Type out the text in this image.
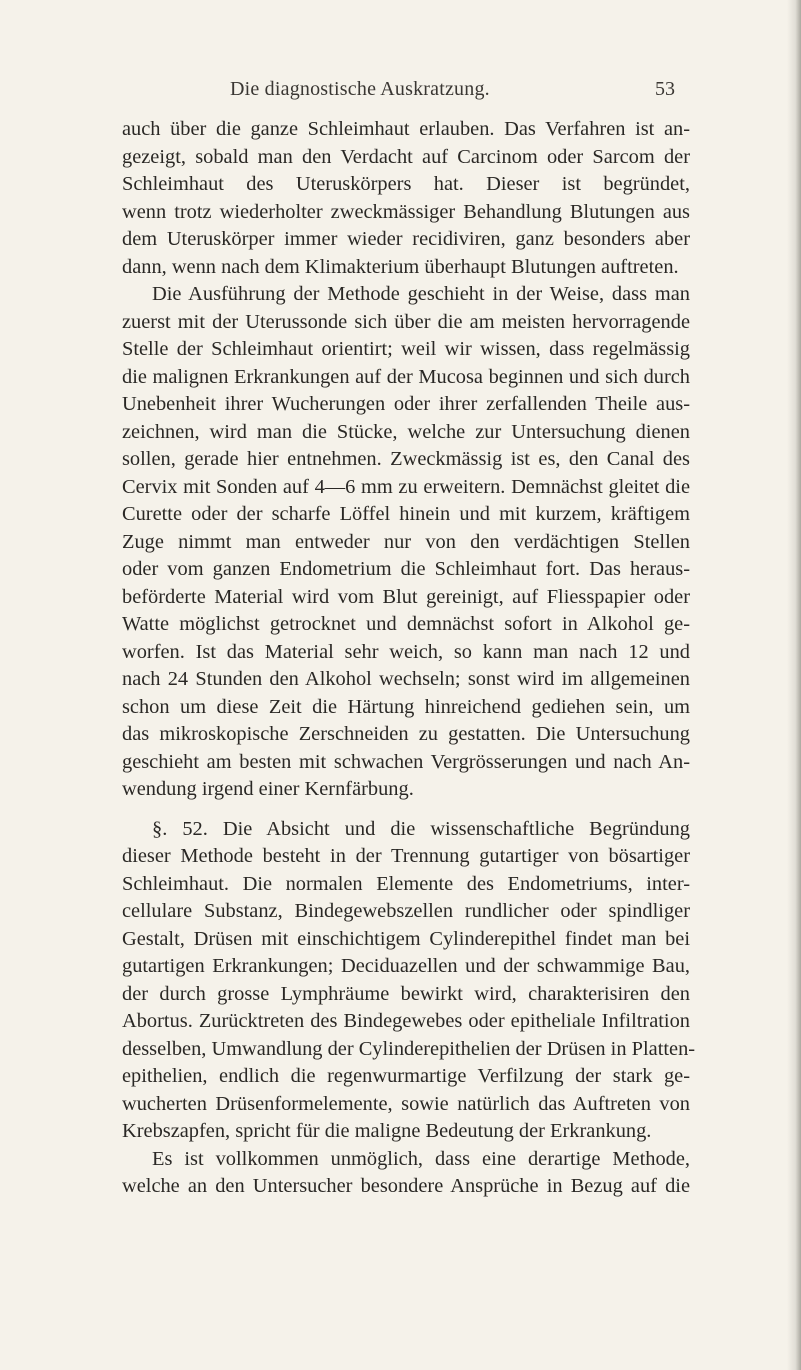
Die diagnostische Auskratzung.	53
auch über die ganze Schleimhaut erlauben. Das Verfahren ist an-
gezeigt, sobald man den Verdacht auf Carcinom oder Sarcom der
Schleimhaut des Uteruskörpers hat. Dieser ist begründet,
wenn trotz wiederholter zweckmässiger Behandlung Blutungen aus
dem Uteruskörper immer wieder recidiviren, ganz besonders aber
dann, wenn nach dem Klimakterium überhaupt Blutungen auftreten.
Die Ausführung der Methode geschieht in der Weise, dass man
zuerst mit der Uterussonde sich über die am meisten hervorragende
Stelle der Schleimhaut orientirt; weil wir wissen, dass regelmässig
die malignen Erkrankungen auf der Mucosa beginnen und sich durch
Unebenheit ihrer Wucherungen oder ihrer zerfallenden Theile aus-
zeichnen, wird man die Stücke, welche zur Untersuchung dienen
sollen, gerade hier entnehmen. Zweckmässig ist es, den Canal des
Cervix mit Sonden auf 4—6 mm zu erweitern. Demnächst gleitet die
Curette oder der scharfe Löffel hinein und mit kurzem, kräftigem
Zuge nimmt man entweder nur von den verdächtigen Stellen
oder vom ganzen Endometrium die Schleimhaut fort. Das heraus-
beförderte Material wird vom Blut gereinigt, auf Fliesspapier oder
Watte möglichst getrocknet und demnächst sofort in Alkohol ge-
worfen. Ist das Material sehr weich, so kann man nach 12 und
nach 24 Stunden den Alkohol wechseln; sonst wird im allgemeinen
schon um diese Zeit die Härtung hinreichend gediehen sein, um
das mikroskopische Zerschneiden zu gestatten. Die Untersuchung
geschieht am besten mit schwachen Vergrösserungen und nach An-
wendung irgend einer Kernfärbung.
§. 52. Die Absicht und die wissenschaftliche Begründung
dieser Methode besteht in der Trennung gutartiger von bösartiger
Schleimhaut. Die normalen Elemente des Endometriums, inter-
cellulare Substanz, Bindegewebszellen rundlicher oder spindliger
Gestalt, Drüsen mit einschichtigem Cylinderepithel findet man bei
gutartigen Erkrankungen; Deciduazellen und der schwammige Bau,
der durch grosse Lymphräume bewirkt wird, charakterisiren den
Abortus. Zurücktreten des Bindegewebes oder epitheliale Infiltration
desselben, Umwandlung der Cylinderepithelien der Drüsen in Platten-
epithelien, endlich die regenwurmartige Verfilzung der stark ge-
wucherten Drüsenformelemente, sowie natürlich das Auftreten von
Krebszapfen, spricht für die maligne Bedeutung der Erkrankung.
Es ist vollkommen unmöglich, dass eine derartige Methode,
welche an den Untersucher besondere Ansprüche in Bezug auf die
